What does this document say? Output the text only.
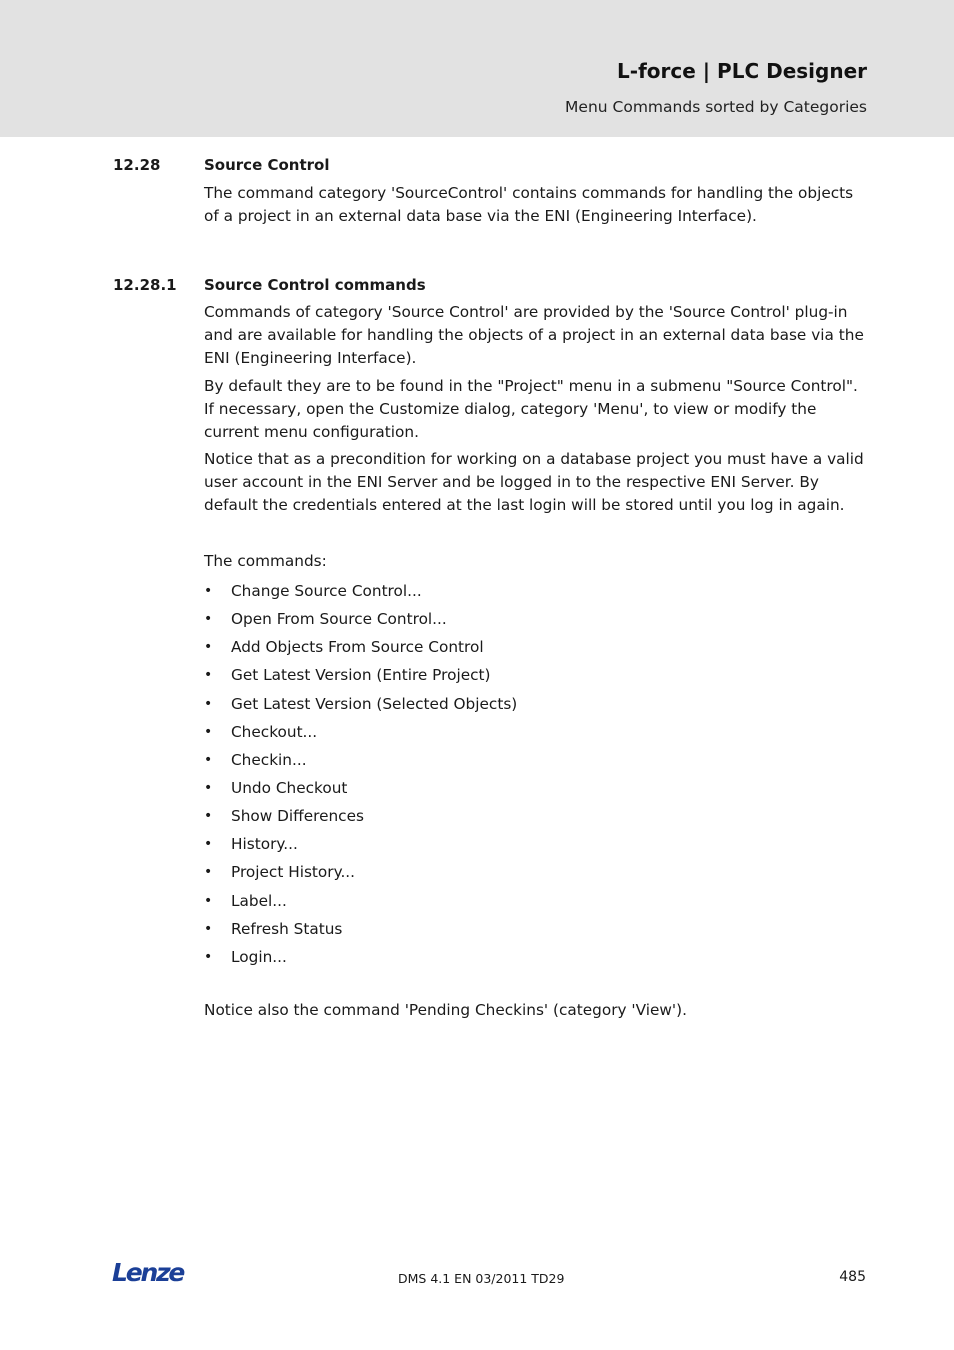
L-force | PLC Designer
Menu Commands sorted by Categories
12.28	Source Control

The command category 'SourceControl' contains commands for handling the objects of a project in an external data base via the ENI (Engineering Interface).

12.28.1 Source Control commands

Commands of category 'Source Control' are provided by the 'Source Control' plug-in and are available for handling the objects of a project in an external data base via the ENI (Engineering Interface).

By default they are to be found in the "Project" menu in a submenu "Source Control". If necessary, open the Customize dialog, category 'Menu', to view or modify the current menu configuration.

Notice that as a precondition for working on a database project you must have a valid user account in the ENI Server and be logged in to the respective ENI Server. By default the credentials entered at the last login will be stored until you log in again.

The commands:

• Change Source Control...
• Open From Source Control...
• Add Objects From Source Control
• Get Latest Version (Entire Project)
• Get Latest Version (Selected Objects)
• Checkout...
• Checkin...
• Undo Checkout
• Show Differences
• History...
• Project History...
• Label...
• Refresh Status
• Login...

Notice also the command 'Pending Checkins' (category 'View').

Lenze	DMS 4.1 EN 03/2011 TD29	485
